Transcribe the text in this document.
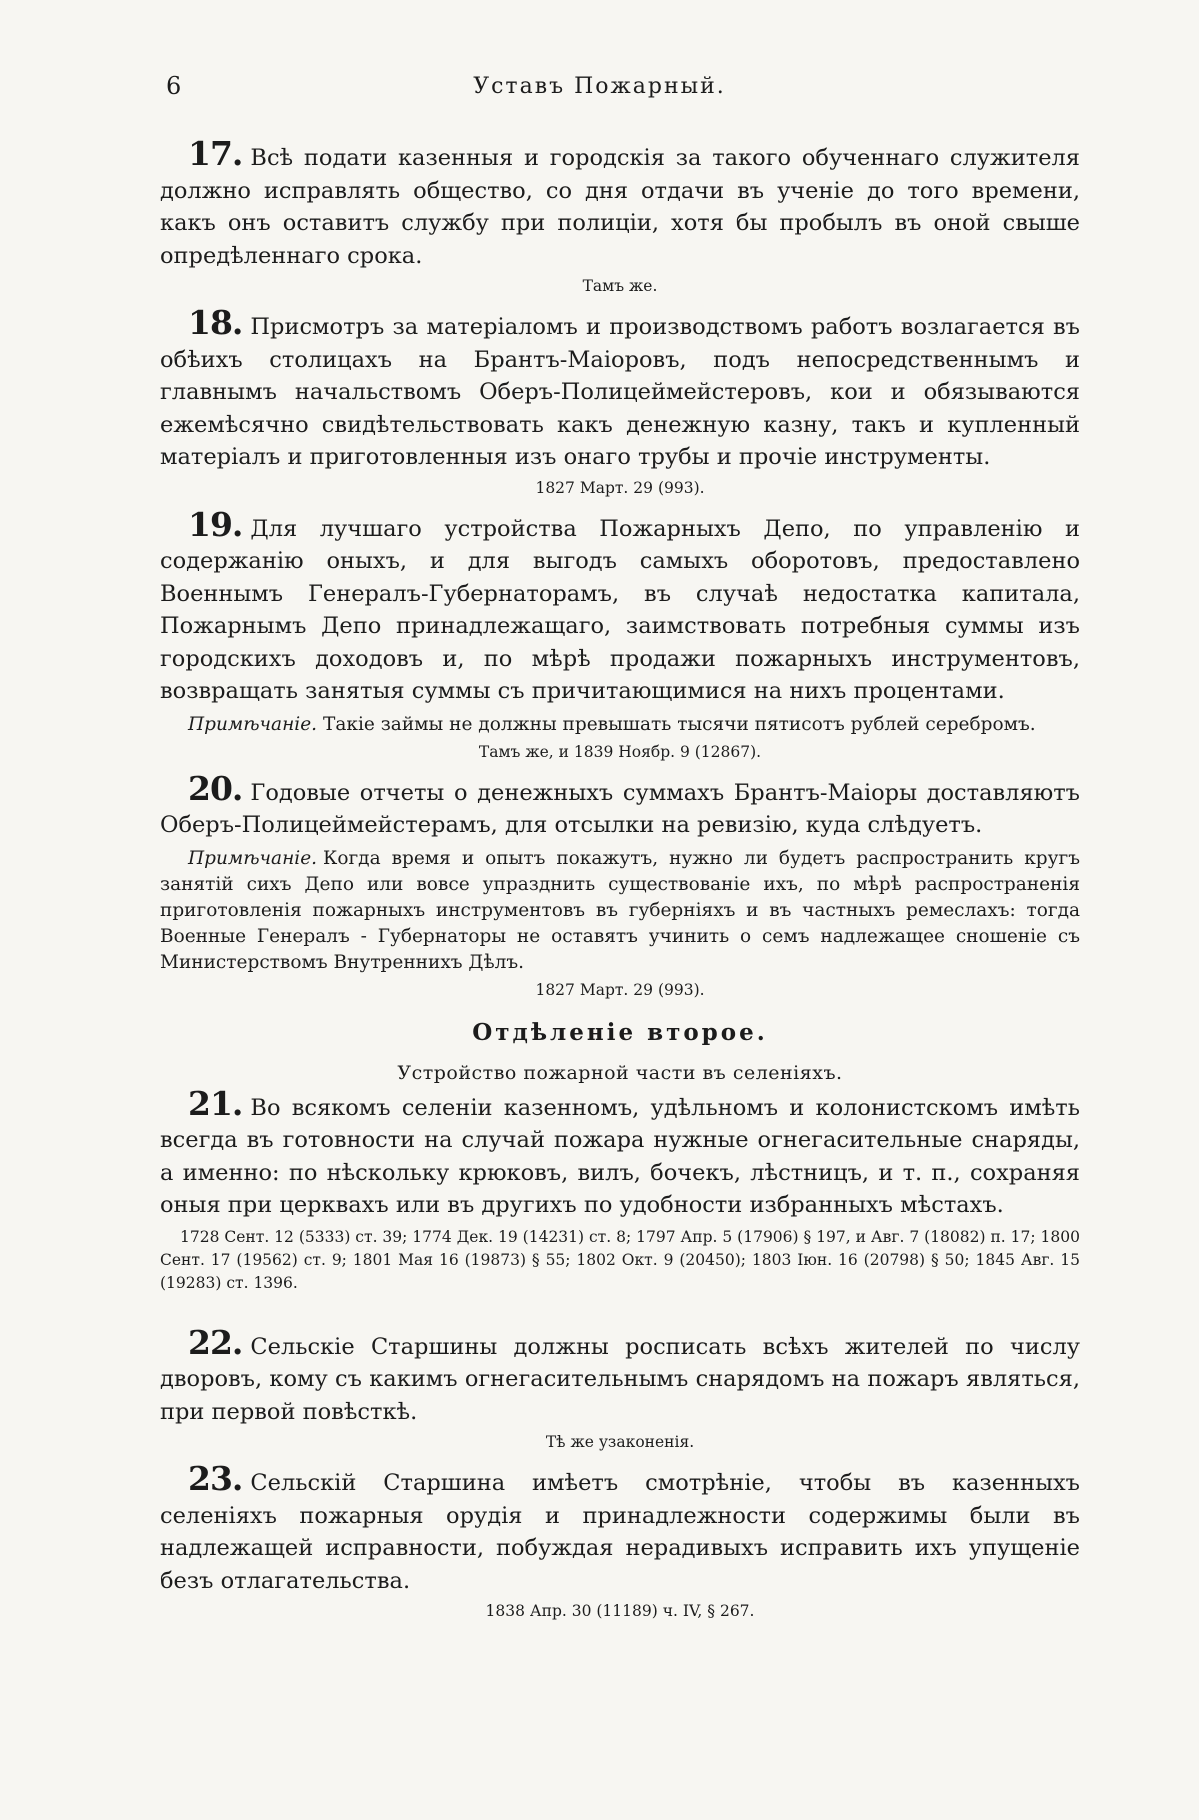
6	Уставъ Пожарный.

17. Всѣ подати казенныя и городскія за такого обученнаго служителя должно исправлять общество, со дня отдачи въ ученіе до того времени, какъ онъ оставитъ службу при полиціи, хотя бы пробылъ въ оной свыше опредѣленнаго срока.

Тамъ же.

18. Присмотръ за матеріаломъ и производствомъ работъ возлагается въ обѣихъ столицахъ на Брантъ-Маіоровъ, подъ непосредственнымъ и главнымъ начальствомъ Оберъ-Полицеймейстеровъ, кои и обязываются ежемѣсячно свидѣтельствовать какъ денежную казну, такъ и купленный матеріалъ и приготовленныя изъ онаго трубы и прочіе инструменты.

1827 Март. 29 (993).

19. Для лучшаго устройства Пожарныхъ Депо, по управленію и содержанію оныхъ, и для выгодъ самыхъ оборотовъ, предоставлено Военнымъ Генералъ-Губернаторамъ, въ случаѣ недостатка капитала, Пожарнымъ Депо принадлежащаго, заимствовать потребныя суммы изъ городскихъ доходовъ и, по мѣрѣ продажи пожарныхъ инструментовъ, возвращать занятыя суммы съ причитающимися на нихъ процентами.

Примѣчаніе. Такіе займы не должны превышать тысячи пятисотъ рублей серебромъ.

Тамъ же, и 1839 Ноябр. 9 (12867).

20. Годовые отчеты о денежныхъ суммахъ Брантъ-Маіоры доставляютъ Оберъ-Полицеймейстерамъ, для отсылки на ревизію, куда слѣдуетъ.

Примѣчаніе. Когда время и опытъ покажутъ, нужно ли будетъ распространить кругъ занятій сихъ Депо или вовсе упразднить существованіе ихъ, по мѣрѣ распространенія приготовленія пожарныхъ инструментовъ въ губерніяхъ и въ частныхъ ремеслахъ: тогда Военные Генералъ - Губернаторы не оставятъ учинить о семъ надлежащее сношеніе съ Министерствомъ Внутреннихъ Дѣлъ.

1827 Март. 29 (993).

Отдѣленіе второе.
Устройство пожарной части въ селеніяхъ.

21. Во всякомъ селеніи казенномъ, удѣльномъ и колонистскомъ имѣть всегда въ готовности на случай пожара нужные огнегасительные снаряды, а именно: по нѣскольку крюковъ, вилъ, бочекъ, лѣстницъ, и т. п., сохраняя оныя при церквахъ или въ другихъ по удобности избранныхъ мѣстахъ.

1728 Сент. 12 (5333) ст. 39; 1774 Дек. 19 (14231) ст. 8; 1797 Апр. 5 (17906) § 197, и Авг. 7 (18082) п. 17; 1800 Сент. 17 (19562) ст. 9; 1801 Мая 16 (19873) § 55; 1802 Окт. 9 (20450); 1803 Іюн. 16 (20798) § 50; 1845 Авг. 15 (19283) ст. 1396.

22. Сельскіе Старшины должны росписать всѣхъ жителей по числу дворовъ, кому съ какимъ огнегасительнымъ снарядомъ на пожаръ являться, при первой повѣсткѣ.

Тѣ же узаконенія.

23. Сельскій Старшина имѣетъ смотрѣніе, чтобы въ казенныхъ селеніяхъ пожарныя орудія и принадлежности содержимы были въ надлежащей исправности, побуждая нерадивыхъ исправить ихъ упущеніе безъ отлагательства.

1838 Апр. 30 (11189) ч. IV, § 267.
